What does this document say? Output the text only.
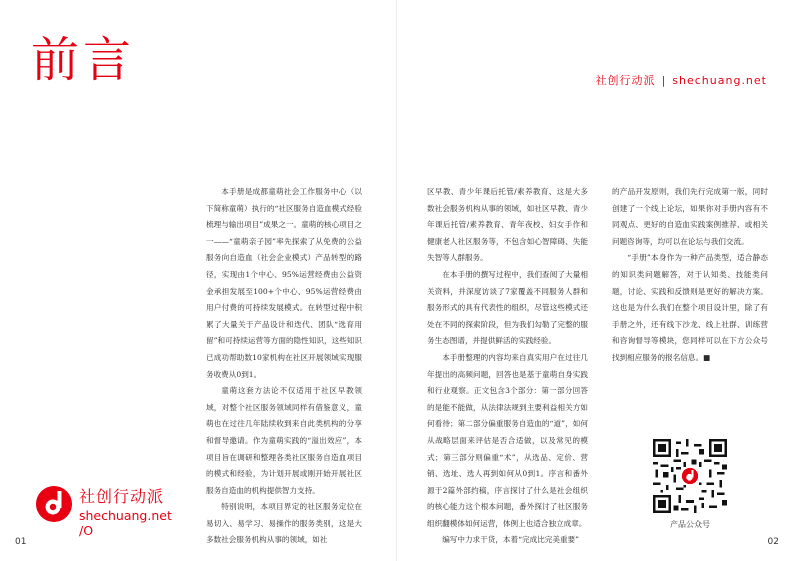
前言	社创行动派 | shechuang.net

本手册是成都童萌社会工作服务中心（以下简称童萌）执行的“社区服务自造血模式经验梳理与输出项目”成果之一。童萌的核心项目之一——“童萌亲子园”率先探索了从免费的公益服务向自造血（社会企业模式）产品转型的路径，实现由1个中心、95%运营经费由公益资金承担发展至100+个中心、95%运营经费由用户付费的可持续发展模式。在转型过程中积累了大量关于产品设计和迭代、团队“选育用留”和可持续运营等方面的隐性知识，这些知识已成功帮助数10家机构在社区开展领域实现服务收费从0到1。

童萌这套方法论不仅适用于社区早教领域，对整个社区服务领域同样有借鉴意义，童萌也在过往几年陆续收到来自此类机构的分享和督导邀请。作为童萌实践的“溢出效应”，本项目旨在调研和整理各类社区服务自造血项目的模式和经验，为计划开展或刚开始开展社区服务自造血的机构提供智力支持。

特别说明，本项目界定的社区服务定位在易切入、易学习、易操作的服务类别，这是大多数社会服务机构从事的领域，如社

区早教、青少年课后托管/素养教育、这是大多数社会服务机构从事的领域，如社区早教、青少年课后托管/素养教育、青年夜校、妇女手作和健康老人社区服务等，不包含如心智障碍、失能失智等人群服务。

在本手册的撰写过程中，我们查阅了大量相关资料，并深度访谈了7家覆盖不同服务人群和服务形式的具有代表性的组织，尽管这些模式还处在不同的探索阶段，但为我们勾勒了完整的服务生态图谱，并提供鲜活的实践经验。

本手册整理的内容均来自真实用户在过往几年提出的高频问题，回答也是基于童萌自身实践和行业观察。正文包含3个部分：第一部分回答的是能不能做，从法律法规到主要利益相关方如何看待；第二部分偏重服务自造血的“道”，如何从战略层面来评估是否合适做，以及常见的模式；第三部分则偏重“术”，从选品、定价、营销、选址、选人再到如何从0到1。序言和番外源于2篇外部约稿，序言探讨了什么是社会组织的核心能力这个根本问题，番外探讨了社区服务组织翻模体如何运营，体例上也适合独立成章。

编写中力求干货，本着“完成比完美重要”

的产品开发原则，我们先行完成第一版，同时创建了一个线上论坛，如果你对手册内容有不同观点、更好的自造血实践案例推荐、或相关问题咨询等，均可以在论坛与我们交流。

“手册”本身作为一种产品类型，适合静态的知识类问题解答，对于认知类、技能类问题，讨论、实践和反馈则是更好的解决方案。这也是为什么我们在整个项目设计里，除了有手册之外，还有线下沙龙、线上社群、训练营和咨询督导等模块，您同样可以在下方公众号找到相应服务的报名信息。■

社创行动派
shechuang.net /O	产品公众号
01	02
